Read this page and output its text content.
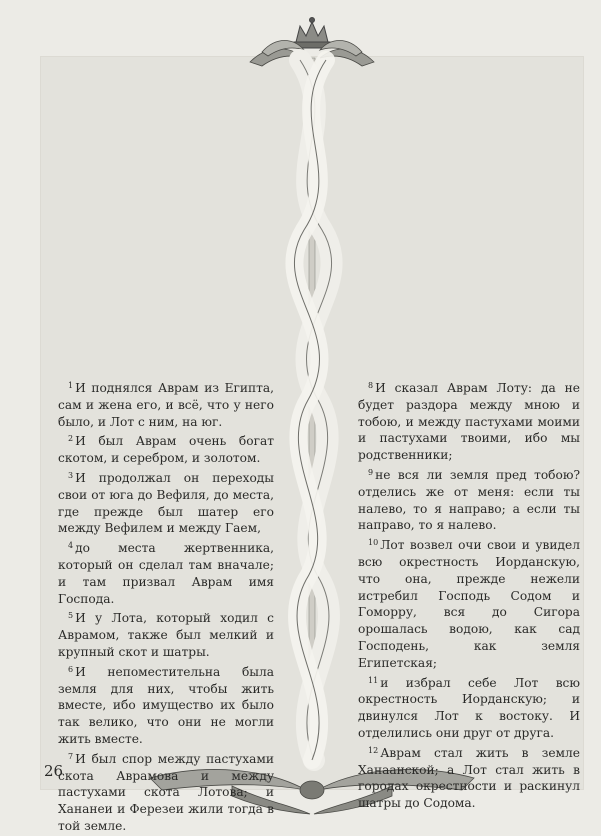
$^1$ И поднялся Аврам из Египта, сам и жена его, и всё, что у него было, и Лот с ним, на юг.

$^2$ И был Аврам очень богат скотом, и серебром, и золотом.

$^3$ И продолжал он переходы свои от юга до Вефиля, до места, где прежде был шатер его между Вефилем и между Гаем,

$^4$ до места жертвенника, который он сделал там вначале; и там призвал Аврам имя Господа.

$^5$ И у Лота, который ходил с Аврамом, также был мелкий и крупный скот и шатры.

$^6$ И непоместительна была земля для них, чтобы жить вместе, ибо имущество их было так велико, что они не могли жить вместе.

$^7$ И был спор между пастухами скота Аврамова и между пастухами скота Лотова; и Хананеи и Ферезеи жили тогда в той земле.

$^8$ И сказал Аврам Лоту: да не будет раздора между мною и тобою, и между пастухами моими и пастухами твоими, ибо мы родственники;

$^9$ не вся ли земля пред тобою? отделись же от меня: если ты налево, то я направо; а если ты направо, то я налево.

$^{10}$ Лот возвел очи свои и увидел всю окрестность Иорданскую, что она, прежде нежели истребил Господь Содом и Гоморру, вся до Сигора орошалась водою, как сад Господень, как земля Египетская;

$^{11}$ и избрал себе Лот всю окрестность Иорданскую; и двинулся Лот к востоку. И отделились они друг от друга.

$^{12}$ Аврам стал жить в земле Ханаанской; а Лот стал жить в городах окрестности и раскинул шатры до Содома.

26
